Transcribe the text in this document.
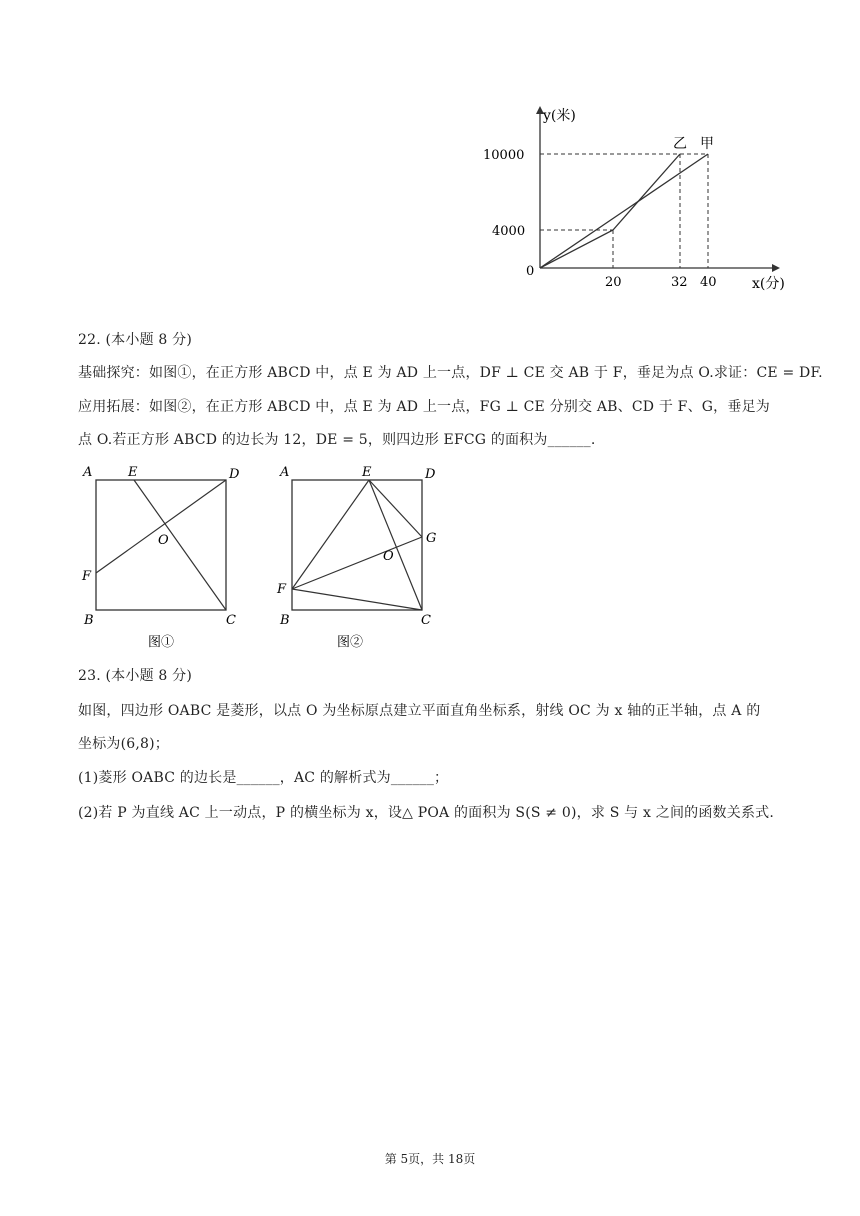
y(米)
x(分)
0
20	32 40
4000
10000
乙 甲
22. (本小题 8 分)
基础探究：如图①，在正方形 ABCD 中，点 E 为 AD 上一点，DF ⊥ CE 交 AB 于 F，垂足为点 O.求证：CE = DF.
应用拓展：如图②，在正方形 ABCD 中，点 E 为 AD 上一点，FG ⊥ CE 分别交 AB、CD 于 F、G，垂足为
点 O.若正方形 ABCD 的边长为 12，DE = 5，则四边形 EFCG 的面积为______.
A	E	D
O
F
B	C
图①
A	E	D
G
O
F
B	C
图②
23. (本小题 8 分)
如图，四边形 OABC 是菱形，以点 O 为坐标原点建立平面直角坐标系，射线 OC 为 x 轴的正半轴，点 A 的
坐标为(6,8)；
(1)菱形 OABC 的边长是______，AC 的解析式为______；
(2)若 P 为直线 AC 上一动点，P 的横坐标为 x，设△ POA 的面积为 S(S ≠ 0)，求 S 与 x 之间的函数关系式.
第 5页，共 18页
